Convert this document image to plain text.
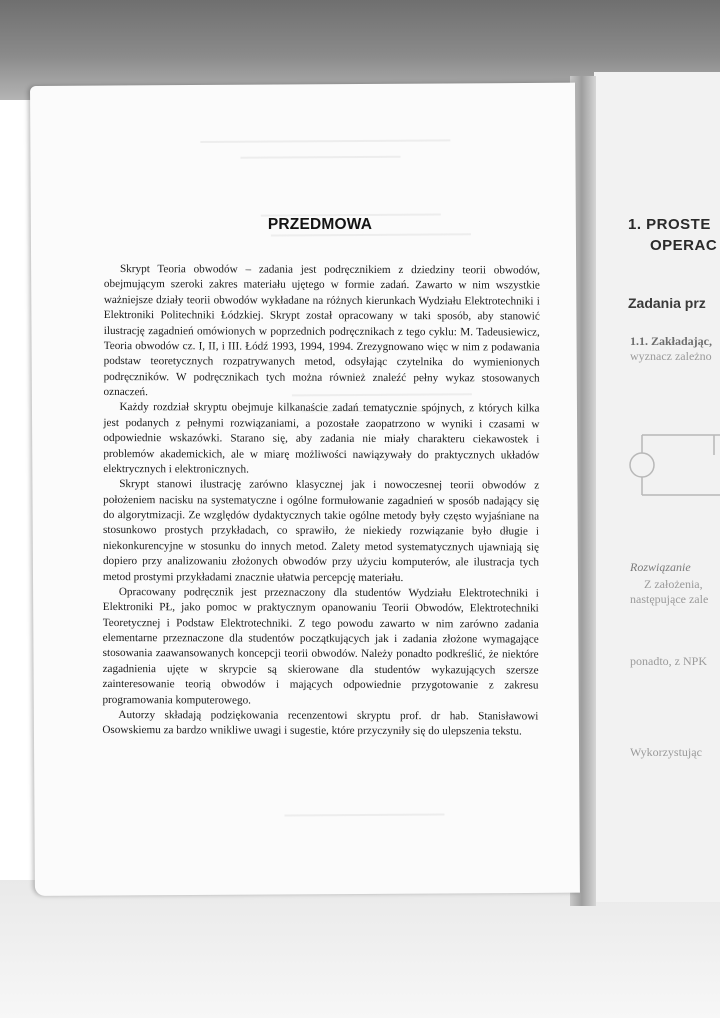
1. PROSTE
OPERAC
Zadania prz
1.1. Zakładając,
wyznacz zależno
Rozwiązanie
Z założenia,
następujące zale
ponadto, z NPK
Wykorzystując
PRZEDMOWA

Skrypt Teoria obwodów – zadania jest podręcznikiem z dziedziny teorii obwodów, obejmującym szeroki zakres materiału ujętego w formie zadań. Zawarto w nim wszystkie ważniejsze działy teorii obwodów wykładane na różnych kierunkach Wydziału Elektrotechniki i Elektroniki Politechniki Łódzkiej. Skrypt został opracowany w taki sposób, aby stanowić ilustrację zagadnień omówionych w poprzednich podręcznikach z tego cyklu: M. Tadeusiewicz, Teoria obwodów cz. I, II, i III. Łódź 1993, 1994, 1994. Zrezygnowano więc w nim z podawania podstaw teoretycznych rozpatrywanych metod, odsyłając czytelnika do wymienionych podręczników. W podręcznikach tych można również znaleźć pełny wykaz stosowanych oznaczeń.

Każdy rozdział skryptu obejmuje kilkanaście zadań tematycznie spójnych, z których kilka jest podanych z pełnymi rozwiązaniami, a pozostałe zaopatrzono w wyniki i czasami w odpowiednie wskazówki. Starano się, aby zadania nie miały charakteru ciekawostek i problemów akademickich, ale w miarę możliwości nawiązywały do praktycznych układów elektrycznych i elektronicznych.

Skrypt stanowi ilustrację zarówno klasycznej jak i nowoczesnej teorii obwodów z położeniem nacisku na systematyczne i ogólne formułowanie zagadnień w sposób nadający się do algorytmizacji. Ze względów dydaktycznych takie ogólne metody były często wyjaśniane na stosunkowo prostych przykładach, co sprawiło, że niekiedy rozwiązanie było długie i niekonkurencyjne w stosunku do innych metod. Zalety metod systematycznych ujawniają się dopiero przy analizowaniu złożonych obwodów przy użyciu komputerów, ale ilustracja tych metod prostymi przykładami znacznie ułatwia percepcję materiału.

Opracowany podręcznik jest przeznaczony dla studentów Wydziału Elektrotechniki i Elektroniki PŁ, jako pomoc w praktycznym opanowaniu Teorii Obwodów, Elektrotechniki Teoretycznej i Podstaw Elektrotechniki. Z tego powodu zawarto w nim zarówno zadania elementarne przeznaczone dla studentów początkujących jak i zadania złożone wymagające stosowania zaawansowanych koncepcji teorii obwodów. Należy ponadto podkreślić, że niektóre zagadnienia ujęte w skrypcie są skierowane dla studentów wykazujących szersze zainteresowanie teorią obwodów i mających odpowiednie przygotowanie z zakresu programowania komputerowego.

Autorzy składają podziękowania recenzentowi skryptu prof. dr hab. Stanisławowi Osowskiemu za bardzo wnikliwe uwagi i sugestie, które przyczyniły się do ulepszenia tekstu.
